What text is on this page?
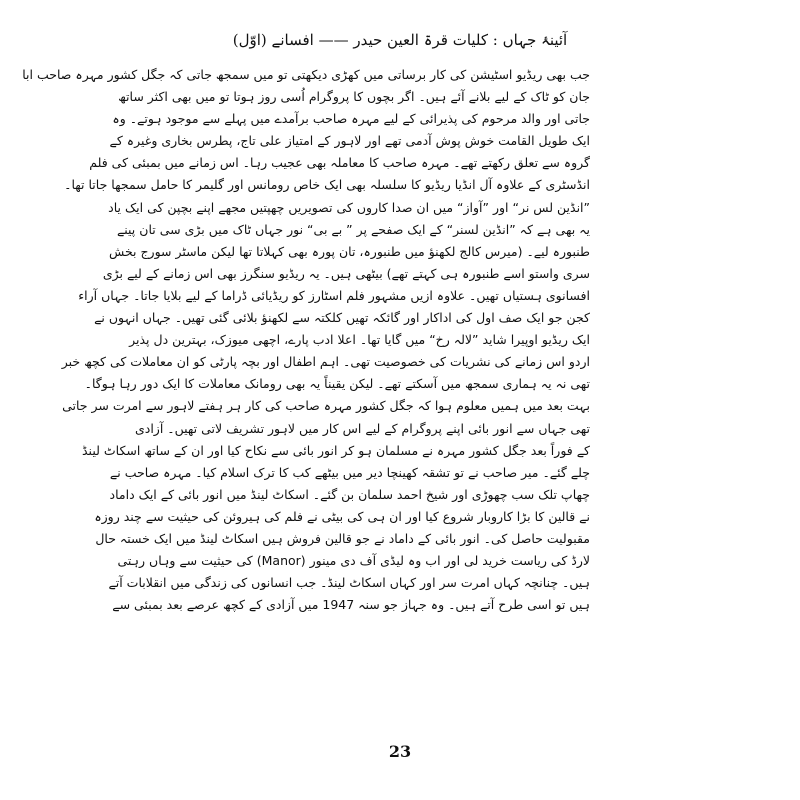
آئینۂ جہاں : کلیات قرۃ العین حیدر —— افسانے (اوّل)
جب بھی ریڈیو اسٹیشن کی کار برساتی میں کھڑی دیکھتی تو میں سمجھ جاتی کہ جگل کشور مہرہ صاحب ابا
جان کو ٹاک کے لیے بلانے آئے ہیں۔ اگر بچوں کا پروگرام اُسی روز ہوتا تو میں بھی اکثر ساتھ
جاتی اور والد مرحوم کی پذیرائی کے لیے مہرہ صاحب برآمدے میں پہلے سے موجود ہوتے۔ وہ
ایک طویل القامت خوش پوش آدمی تھے اور لاہور کے امتیاز علی تاج، پطرس بخاری وغیرہ کے
گروہ سے تعلق رکھتے تھے۔ مہرہ صاحب کا معاملہ بھی عجیب رہا۔ اس زمانے میں بمبئی کی فلم
انڈسٹری کے علاوہ آل انڈیا ریڈیو کا سلسلہ بھی ایک خاص رومانس اور گلیمر کا حامل سمجھا جاتا تھا۔
”انڈین لس نر“ اور ”آواز“ میں ان صدا کاروں کی تصویریں چھپتیں مجھے اپنے بچپن کی ایک یاد
یہ بھی ہے کہ ”انڈین لسنر“ کے ایک صفحے پر ” بے بی“ نور جہاں ٹاک میں بڑی سی تان پینے
طنبورہ لیے۔ (میرس کالج لکھنؤ میں طنبورہ، تان پورہ بھی کہلاتا تھا لیکن ماسٹر سورج بخش
سری واستو اسے طنبورہ ہی کہتے تھے) بیٹھی ہیں۔ یہ ریڈیو سنگرز بھی اس زمانے کے لیے بڑی
افسانوی ہستیاں تھیں۔ علاوہ ازیں مشہور فلم اسٹارز کو ریڈیائی ڈراما کے لیے بلایا جاتا۔ جہاں آراء
کجن جو ایک صف اول کی اداکار اور گائکہ تھیں کلکتہ سے لکھنؤ بلائی گئی تھیں۔ جہاں انہوں نے
ایک ریڈیو اوپیرا شاید ”لالہ رخ“ میں گایا تھا۔ اعلا ادب پارے، اچھی میوزک، بہترین دل پذیر
اردو اس زمانے کی نشریات کی خصوصیت تھی۔ اہم اطفال اور بچہ پارٹی کو ان معاملات کی کچھ خبر
تھی نہ یہ ہماری سمجھ میں آسکتے تھے۔ لیکن یقیناً یہ بھی رومانک معاملات کا ایک دور رہا ہوگا۔
بہت بعد میں ہمیں معلوم ہوا کہ جگل کشور مہرہ صاحب کی کار ہر ہفتے لاہور سے امرت سر جاتی
تھی جہاں سے انور بائی اپنے پروگرام کے لیے اس کار میں لاہور تشریف لاتی تھیں۔ آزادی
کے فوراً بعد جگل کشور مہرہ نے مسلمان ہو کر انور بائی سے نکاح کیا اور ان کے ساتھ اسکاٹ لینڈ
چلے گئے۔ میر صاحب نے تو تشقہ کھینچا دیر میں بیٹھے کب کا ترک اسلام کیا۔ مہرہ صاحب نے
چھاپ تلک سب چھوڑی اور شیخ احمد سلمان بن گئے۔ اسکاٹ لینڈ میں انور بائی کے ایک داماد
نے قالین کا بڑا کاروبار شروع کیا اور ان ہی کی بیٹی نے فلم کی ہیروئن کی حیثیت سے چند روزہ
مقبولیت حاصل کی۔ انور بائی کے داماد نے جو قالین فروش ہیں اسکاٹ لینڈ میں ایک خستہ حال
لارڈ کی ریاست خرید لی اور اب وہ لیڈی آف دی مینور (Manor) کی حیثیت سے وہاں رہتی
ہیں۔ چنانچہ کہاں امرت سر اور کہاں اسکاٹ لینڈ۔ جب انسانوں کی زندگی میں انقلابات آتے
ہیں تو اسی طرح آتے ہیں۔ وہ جہاز جو سنہ 1947 میں آزادی کے کچھ عرصے بعد بمبئی سے
23
